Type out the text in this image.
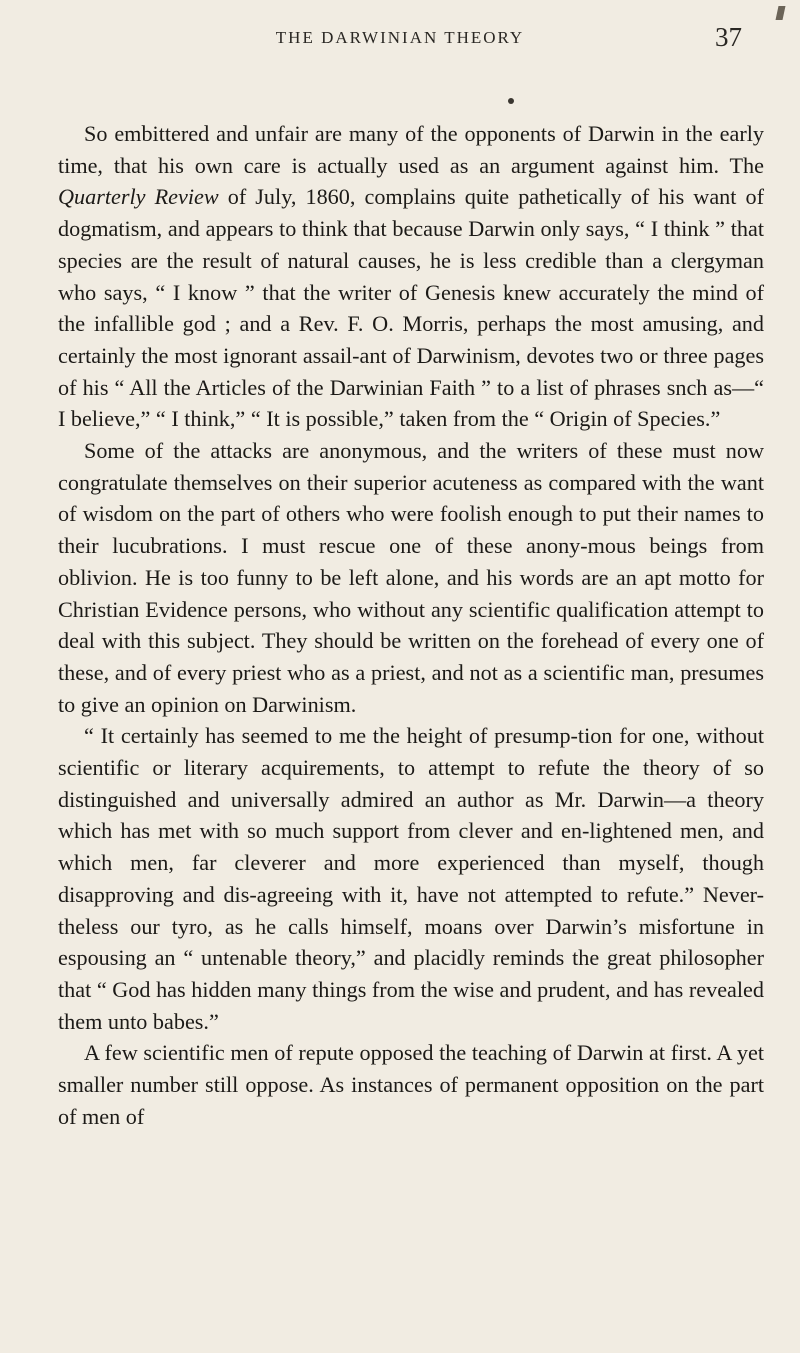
THE DARWINIAN THEORY	37

So embittered and unfair are many of the opponents of Darwin in the early time, that his own care is actually used as an argument against him. The Quarterly Review of July, 1860, complains quite pathetically of his want of dogmatism, and appears to think that because Darwin only says, “ I think ” that species are the result of natural causes, he is less credible than a clergyman who says, “ I know ” that the writer of Genesis knew accurately the mind of the infallible god ; and a Rev. F. O. Morris, perhaps the most amusing, and certainly the most ignorant assail-ant of Darwinism, devotes two or three pages of his “ All the Articles of the Darwinian Faith ” to a list of phrases snch as—“ I believe,” “ I think,” “ It is possible,” taken from the “ Origin of Species.”

Some of the attacks are anonymous, and the writers of these must now congratulate themselves on their superior acuteness as compared with the want of wisdom on the part of others who were foolish enough to put their names to their lucubrations. I must rescue one of these anony-mous beings from oblivion. He is too funny to be left alone, and his words are an apt motto for Christian Evidence persons, who without any scientific qualification attempt to deal with this subject. They should be written on the forehead of every one of these, and of every priest who as a priest, and not as a scientific man, presumes to give an opinion on Darwinism.

“ It certainly has seemed to me the height of presump-tion for one, without scientific or literary acquirements, to attempt to refute the theory of so distinguished and universally admired an author as Mr. Darwin—a theory which has met with so much support from clever and en-lightened men, and which men, far cleverer and more experienced than myself, though disapproving and dis-agreeing with it, have not attempted to refute.” Never-theless our tyro, as he calls himself, moans over Darwin’s misfortune in espousing an “ untenable theory,” and placidly reminds the great philosopher that “ God has hidden many things from the wise and prudent, and has revealed them unto babes.”

A few scientific men of repute opposed the teaching of Darwin at first. A yet smaller number still oppose. As instances of permanent opposition on the part of men of
